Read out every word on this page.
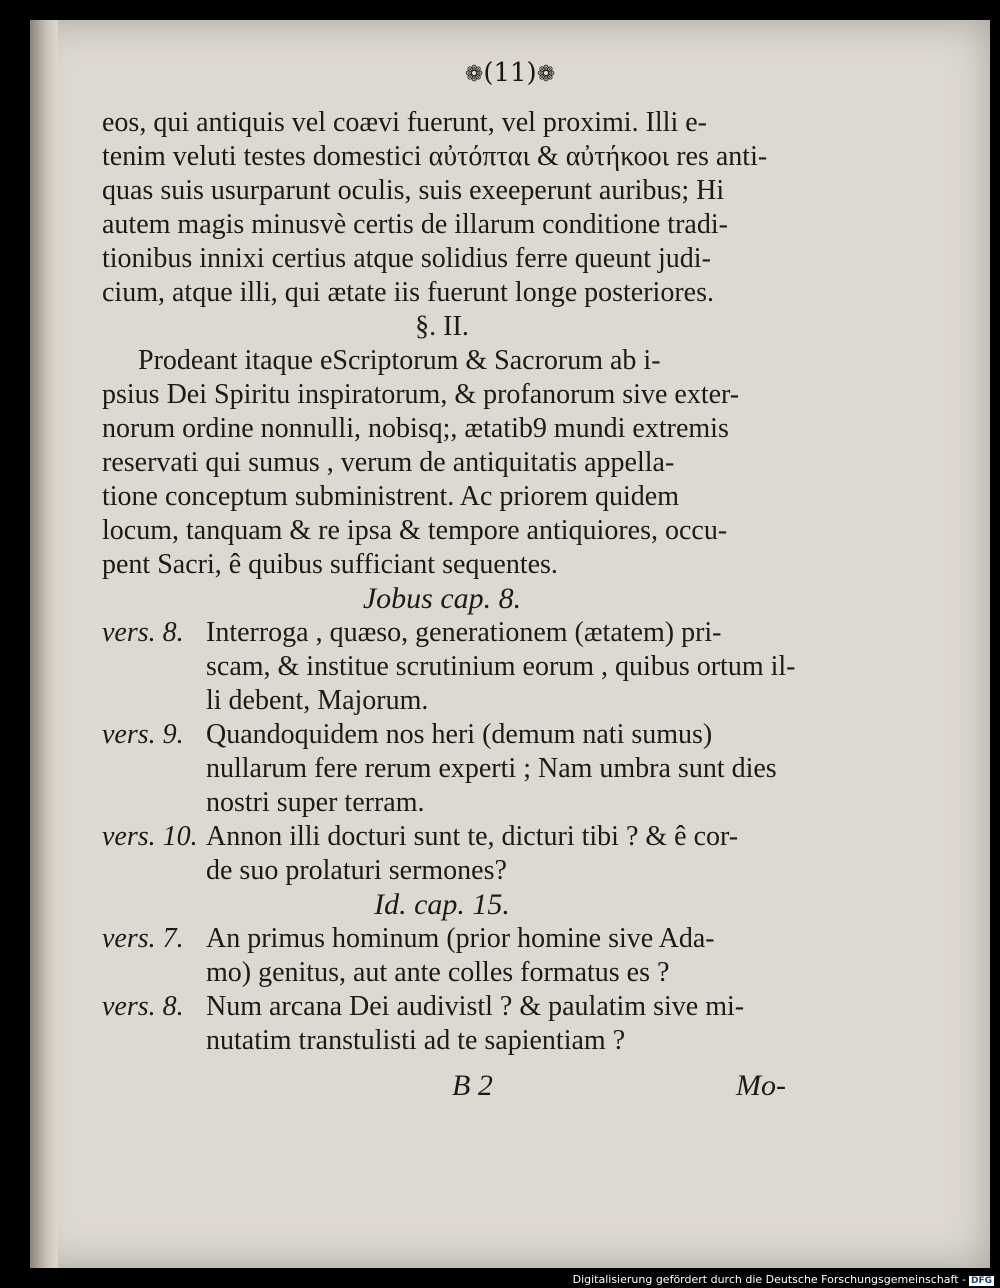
❁(11)❁
eos, qui antiquis vel coævi fuerunt, vel proximi. Illi e-
tenim veluti testes domestici αὐτόπται & αὐτήκοοι res anti-
quas suis usurparunt oculis, suis exeeperunt auribus; Hi
autem magis minusvè certis de illarum conditione tradi-
tionibus innixi certius atque solidius ferre queunt judi-
cium, atque illi, qui ætate iis fuerunt longe posteriores.
§. II.
Prodeant itaque eScriptorum & Sacrorum ab i-
psius Dei Spiritu inspiratorum, & profanorum sive exter-
norum ordine nonnulli, nobisq;, ætatib9 mundi extremis
reservati qui sumus , verum de antiquitatis appella-
tione conceptum subministrent. Ac priorem quidem
locum, tanquam & re ipsa & tempore antiquiores, occu-
pent Sacri, ê quibus sufficiant sequentes.
Jobus cap. 8.
vers. 8. Interroga , quæso, generationem (ætatem) pri-
scam, & institue scrutinium eorum , quibus ortum il-
li debent, Majorum.
vers. 9. Quandoquidem nos heri (demum nati sumus)
nullarum fere rerum experti ; Nam umbra sunt dies
nostri super terram.
vers. 10. Annon illi docturi sunt te, dicturi tibi ? & ê cor-
de suo prolaturi sermones?
Id. cap. 15.
vers. 7. An primus hominum (prior homine sive Ada-
mo) genitus, aut ante colles formatus es ?
vers. 8. Num arcana Dei audivistl ? & paulatim sive mi-
nutatim transtulisti ad te sapientiam ?
B 2	Mo-
Digitalisierung gefördert durch die Deutsche Forschungsgemeinschaft - DFG
